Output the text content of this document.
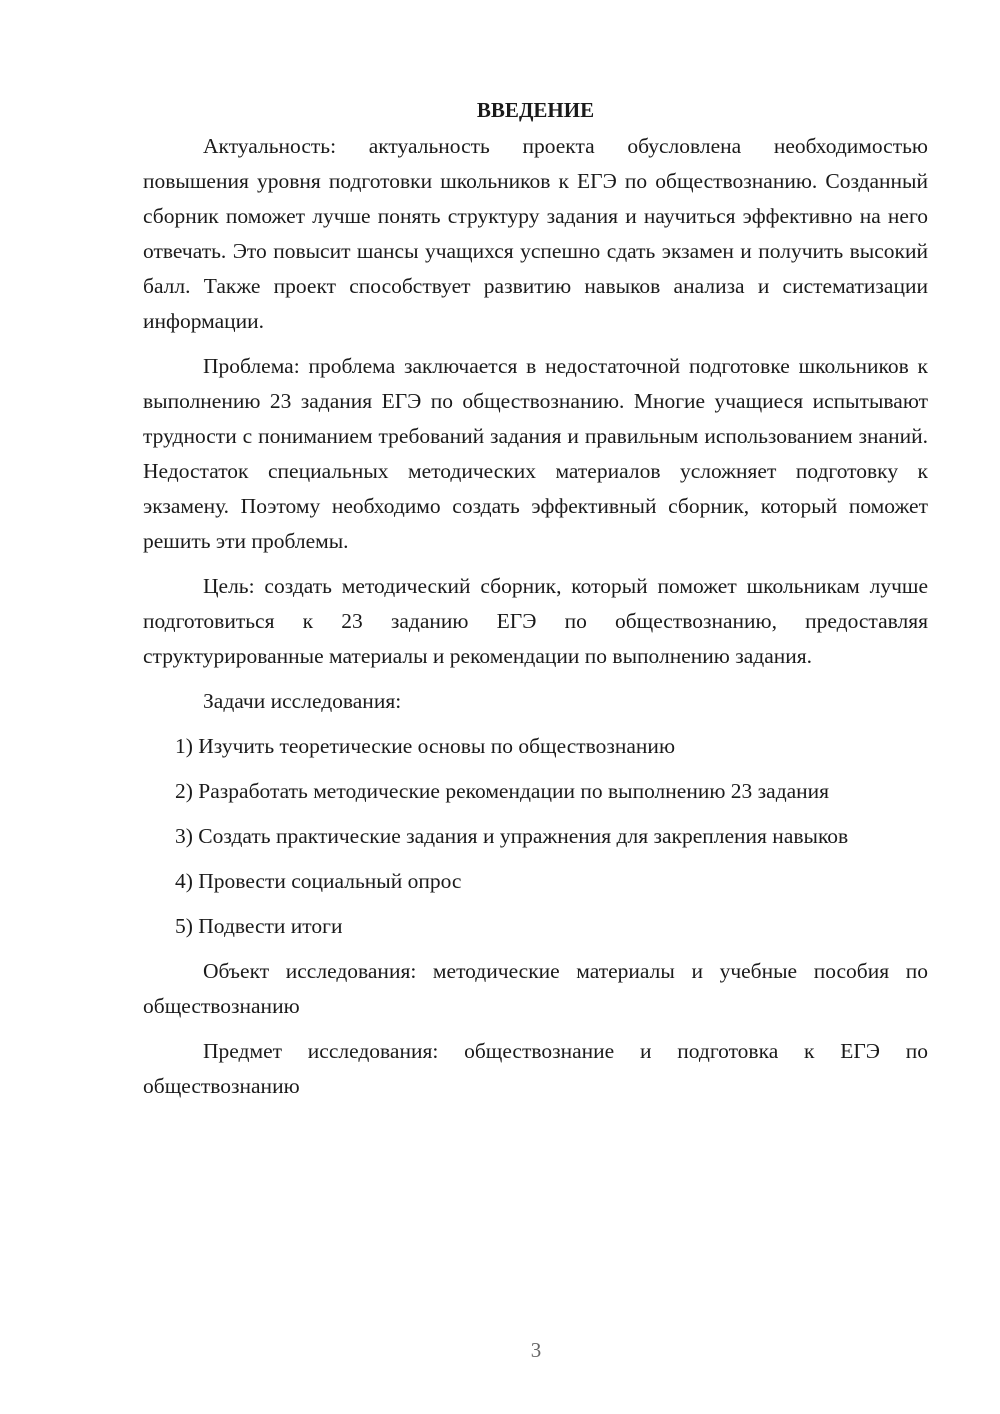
ВВЕДЕНИЕ

Актуальность: актуальность проекта обусловлена необходимостью повышения уровня подготовки школьников к ЕГЭ по обществознанию. Созданный сборник поможет лучше понять структуру задания и научиться эффективно на него отвечать. Это повысит шансы учащихся успешно сдать экзамен и получить высокий балл. Также проект способствует развитию навыков анализа и систематизации информации.

Проблема: проблема заключается в недостаточной подготовке школьников к выполнению 23 задания ЕГЭ по обществознанию. Многие учащиеся испытывают трудности с пониманием требований задания и правильным использованием знаний. Недостаток специальных методических материалов усложняет подготовку к экзамену. Поэтому необходимо создать эффективный сборник, который поможет решить эти проблемы.

Цель: создать методический сборник, который поможет школьникам лучше подготовиться к 23 заданию ЕГЭ по обществознанию, предоставляя структурированные материалы и рекомендации по выполнению задания.

Задачи исследования:

1) Изучить теоретические основы по обществознанию

2) Разработать методические рекомендации по выполнению 23 задания

3) Создать практические задания и упражнения для закрепления навыков

4) Провести социальный опрос

5) Подвести итоги

Объект исследования: методические материалы и учебные пособия по обществознанию

Предмет исследования: обществознание и подготовка к ЕГЭ по обществознанию

3
